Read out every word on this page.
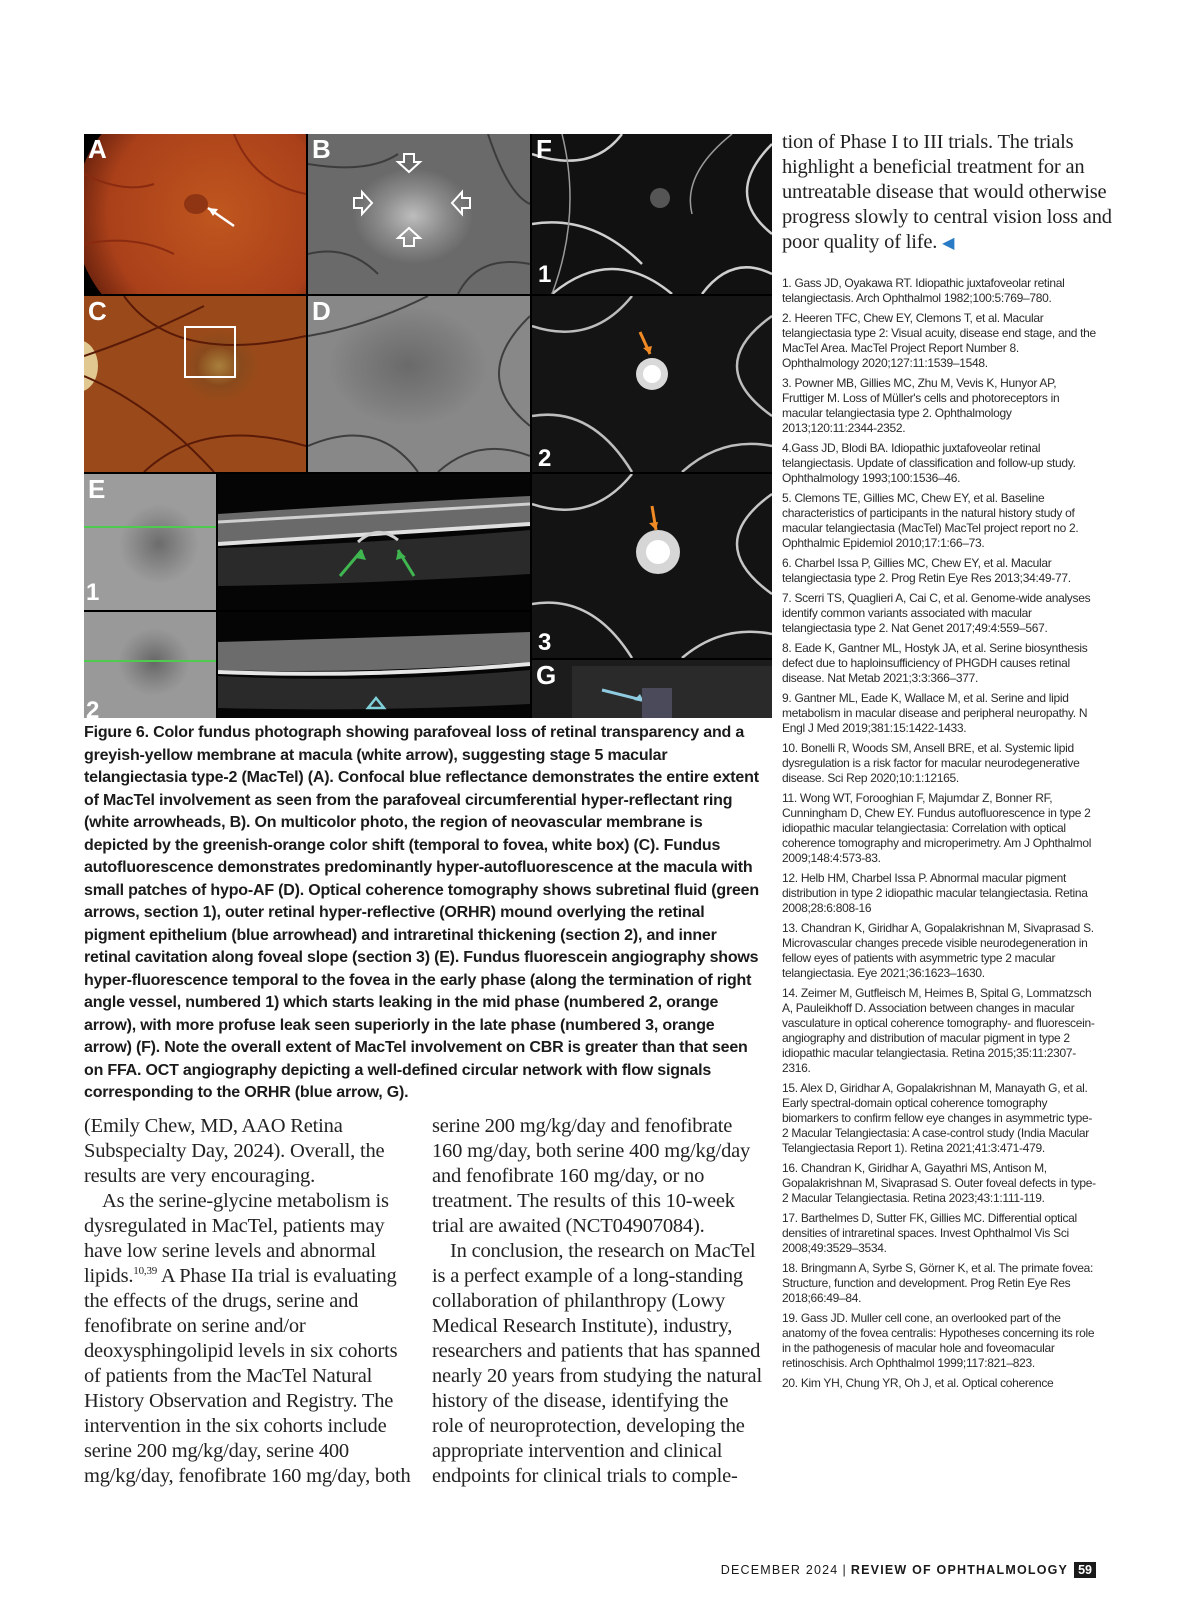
A	B
C	D
E
1
2
F
1
2
3
G

Figure 6. Color fundus photograph showing parafoveal loss of retinal transparency and a greyish-yellow membrane at macula (white arrow), suggesting stage 5 macular telangiectasia type-2 (MacTel) (A). Confocal blue reflectance demonstrates the entire extent of MacTel involvement as seen from the parafoveal circumferential hyper-reflectant ring (white arrowheads, B). On multicolor photo, the region of neovascular membrane is depicted by the greenish-orange color shift (temporal to fovea, white box) (C). Fundus autofluorescence demonstrates predominantly hyper-autofluorescence at the macula with small patches of hypo-AF (D). Optical coherence tomography shows subretinal fluid (green arrows, section 1), outer retinal hyper-reflective (ORHR) mound overlying the retinal pigment epithelium (blue arrowhead) and intraretinal thickening (section 2), and inner retinal cavitation along foveal slope (section 3) (E). Fundus fluorescein angiography shows hyper-fluorescence temporal to the fovea in the early phase (along the termination of right angle vessel, numbered 1) which starts leaking in the mid phase (numbered 2, orange arrow), with more profuse leak seen superiorly in the late phase (numbered 3, orange arrow) (F). Note the overall extent of MacTel involvement on CBR is greater than that seen on FFA. OCT angiography depicting a well-defined circular network with flow signals corresponding to the ORHR (blue arrow, G).

(Emily Chew, MD, AAO Retina Subspecialty Day, 2024). Overall, the results are very encouraging.

As the serine-glycine metabolism is dysregulated in MacTel, patients may have low serine levels and abnormal lipids.$^{10,39}$ A Phase IIa trial is evaluating the effects of the drugs, serine and fenofibrate on serine and/or deoxysphingolipid levels in six cohorts of patients from the MacTel Natural History Observation and Registry. The intervention in the six cohorts include serine 200 mg/kg/day, serine 400 mg/kg/day, fenofibrate 160 mg/day, both

serine 200 mg/kg/day and fenofibrate 160 mg/day, both serine 400 mg/kg/day and fenofibrate 160 mg/day, or no treatment. The results of this 10-week trial are awaited (NCT04907084).

In conclusion, the research on MacTel is a perfect example of a long-standing collaboration of philanthropy (Lowy Medical Research Institute), industry, researchers and patients that has spanned nearly 20 years from studying the natural history of the disease, identifying the role of neuroprotection, developing the appropriate intervention and clinical endpoints for clinical trials to comple-

tion of Phase I to III trials. The trials highlight a beneficial treatment for an untreatable disease that would otherwise progress slowly to central vision loss and poor quality of life. ◀

1. Gass JD, Oyakawa RT. Idiopathic juxtafoveolar retinal telangiectasis. Arch Ophthalmol 1982;100:5:769–780.
2. Heeren TFC, Chew EY, Clemons T, et al. Macular telangiectasia type 2: Visual acuity, disease end stage, and the MacTel Area. MacTel Project Report Number 8. Ophthalmology 2020;127:11:1539–1548.
3. Powner MB, Gillies MC, Zhu M, Vevis K, Hunyor AP, Fruttiger M. Loss of Müller's cells and photoreceptors in macular telangiectasia type 2. Ophthalmology 2013;120:11:2344-2352.
4.Gass JD, Blodi BA. Idiopathic juxtafoveolar retinal telangiectasis. Update of classification and follow-up study. Ophthalmology 1993;100:1536–46.
5. Clemons TE, Gillies MC, Chew EY, et al. Baseline characteristics of participants in the natural history study of macular telangiectasia (MacTel) MacTel project report no 2. Ophthalmic Epidemiol 2010;17:1:66–73.
6. Charbel Issa P, Gillies MC, Chew EY, et al. Macular telangiectasia type 2. Prog Retin Eye Res 2013;34:49-77.
7. Scerri TS, Quaglieri A, Cai C, et al. Genome-wide analyses identify common variants associated with macular telangiectasia type 2. Nat Genet 2017;49:4:559–567.
8. Eade K, Gantner ML, Hostyk JA, et al. Serine biosynthesis defect due to haploinsufficiency of PHGDH causes retinal disease. Nat Metab 2021;3:3:366–377.
9. Gantner ML, Eade K, Wallace M, et al. Serine and lipid metabolism in macular disease and peripheral neuropathy. N Engl J Med 2019;381:15:1422-1433.
10. Bonelli R, Woods SM, Ansell BRE, et al. Systemic lipid dysregulation is a risk factor for macular neurodegenerative disease. Sci Rep 2020;10:1:12165.
11. Wong WT, Forooghian F, Majumdar Z, Bonner RF, Cunningham D, Chew EY. Fundus autofluorescence in type 2 idiopathic macular telangiectasia: Correlation with optical coherence tomography and microperimetry. Am J Ophthalmol 2009;148:4:573-83.
12. Helb HM, Charbel Issa P. Abnormal macular pigment distribution in type 2 idiopathic macular telangiectasia. Retina 2008;28:6:808-16
13. Chandran K, Giridhar A, Gopalakrishnan M, Sivaprasad S. Microvascular changes precede visible neurodegeneration in fellow eyes of patients with asymmetric type 2 macular telangiectasia. Eye 2021;36:1623–1630.
14. Zeimer M, Gutfleisch M, Heimes B, Spital G, Lommatzsch A, Pauleikhoff D. Association between changes in macular vasculature in optical coherence tomography- and fluorescein-angiography and distribution of macular pigment in type 2 idiopathic macular telangiectasia. Retina 2015;35:11:2307-2316.
15. Alex D, Giridhar A, Gopalakrishnan M, Manayath G, et al. Early spectral-domain optical coherence tomography biomarkers to confirm fellow eye changes in asymmetric type-2 Macular Telangiectasia: A case-control study (India Macular Telangiectasia Report 1). Retina 2021;41:3:471-479.
16. Chandran K, Giridhar A, Gayathri MS, Antison M, Gopalakrishnan M, Sivaprasad S. Outer foveal defects in type-2 Macular Telangiectasia. Retina 2023;43:1:111-119.
17. Barthelmes D, Sutter FK, Gillies MC. Differential optical densities of intraretinal spaces. Invest Ophthalmol Vis Sci 2008;49:3529–3534.
18. Bringmann A, Syrbe S, Görner K, et al. The primate fovea: Structure, function and development. Prog Retin Eye Res 2018;66:49–84.
19. Gass JD. Muller cell cone, an overlooked part of the anatomy of the fovea centralis: Hypotheses concerning its role in the pathogenesis of macular hole and foveomacular retinoschisis. Arch Ophthalmol 1999;117:821–823.
20. Kim YH, Chung YR, Oh J, et al. Optical coherence
DECEMBER 2024 | REVIEW OF OPHTHALMOLOGY 59
